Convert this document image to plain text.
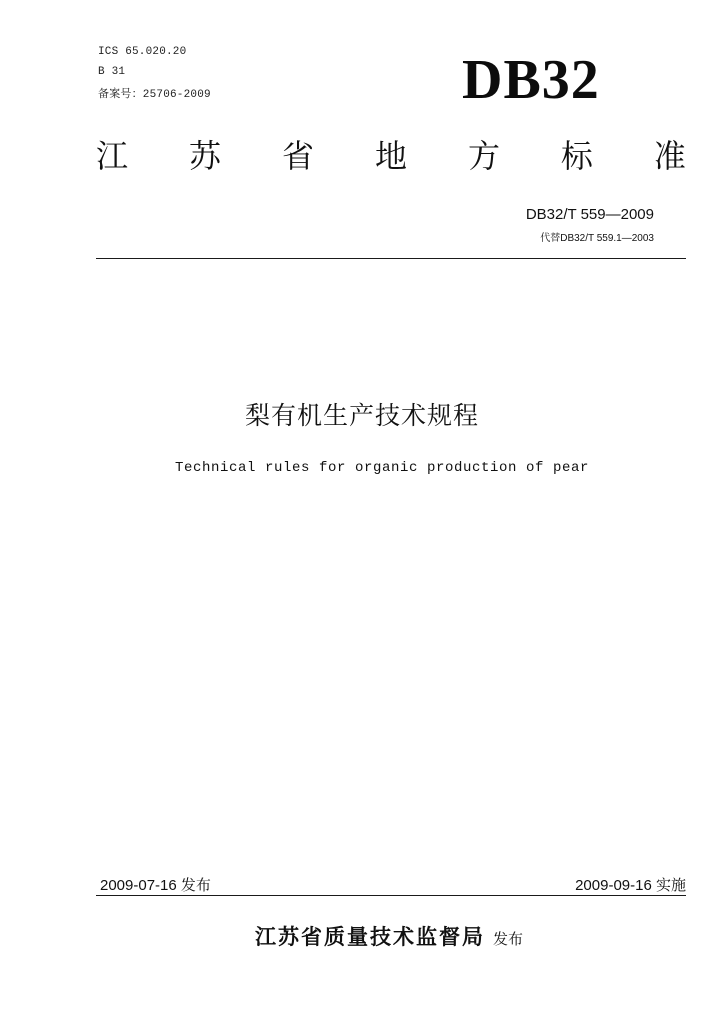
ICS 65.020.20
B 31
备案号：25706-2009	DB32
江 苏 省 地 方 标 准
DB32/T 559—2009
代替DB32/T 559.1—2003
梨有机生产技术规程
Technical rules for organic production of pear
2009-07-16 发布	2009-09-16 实施
江苏省质量技术监督局 发布
